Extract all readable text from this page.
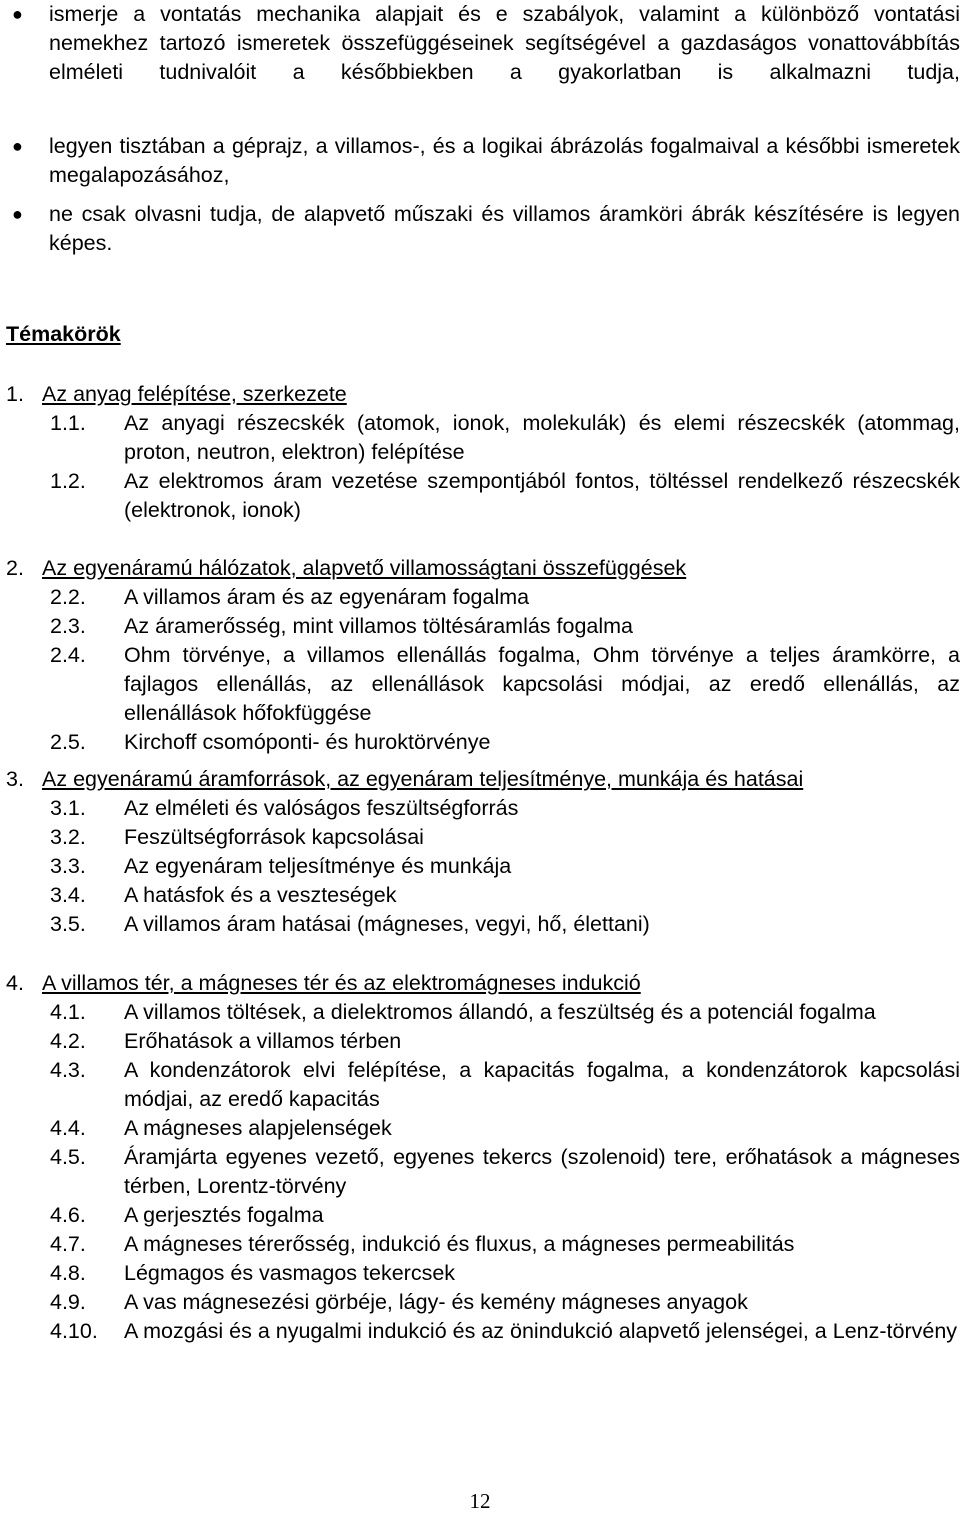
● ismerje a vontatás mechanika alapjait és e szabályok, valamint a különböző vontatási nemekhez tartozó ismeretek összefüggéseinek segítségével a gazdaságos vonattovábbítás elméleti tudnivalóit a későbbiekben a gyakorlatban is alkalmazni tudja,
● legyen tisztában a géprajz, a villamos-, és a logikai ábrázolás fogalmaival a későbbi ismeretek megalapozásához,
● ne csak olvasni tudja, de alapvető műszaki és villamos áramköri ábrák készítésére is legyen képes.
Témakörök
1. Az anyag felépítése, szerkezete
1.1. Az anyagi részecskék (atomok, ionok, molekulák) és elemi részecskék (atommag, proton, neutron, elektron) felépítése
1.2. Az elektromos áram vezetése szempontjából fontos, töltéssel rendelkező részecskék (elektronok, ionok)
2. Az egyenáramú hálózatok, alapvető villamosságtani összefüggések
2.2. A villamos áram és az egyenáram fogalma
2.3. Az áramerősség, mint villamos töltésáramlás fogalma
2.4. Ohm törvénye, a villamos ellenállás fogalma, Ohm törvénye a teljes áramkörre, a fajlagos ellenállás, az ellenállások kapcsolási módjai, az eredő ellenállás, az ellenállások hőfokfüggése
2.5. Kirchoff csomóponti- és huroktörvénye
3. Az egyenáramú áramforrások, az egyenáram teljesítménye, munkája és hatásai
3.1. Az elméleti és valóságos feszültségforrás
3.2. Feszültségforrások kapcsolásai
3.3. Az egyenáram teljesítménye és munkája
3.4. A hatásfok és a veszteségek
3.5. A villamos áram hatásai (mágneses, vegyi, hő, élettani)
4. A villamos tér, a mágneses tér és az elektromágneses indukció
4.1. A villamos töltések, a dielektromos állandó, a feszültség és a potenciál fogalma
4.2. Erőhatások a villamos térben
4.3. A kondenzátorok elvi felépítése, a kapacitás fogalma, a kondenzátorok kapcsolási módjai, az eredő kapacitás
4.4. A mágneses alapjelenségek
4.5. Áramjárta egyenes vezető, egyenes tekercs (szolenoid) tere, erőhatások a mágneses térben, Lorentz-törvény
4.6. A gerjesztés fogalma
4.7. A mágneses térerősség, indukció és fluxus, a mágneses permeabilitás
4.8. Légmagos és vasmagos tekercsek
4.9. A vas mágnesezési görbéje, lágy- és kemény mágneses anyagok
4.10. A mozgási és a nyugalmi indukció és az önindukció alapvető jelenségei, a Lenz-törvény
12
